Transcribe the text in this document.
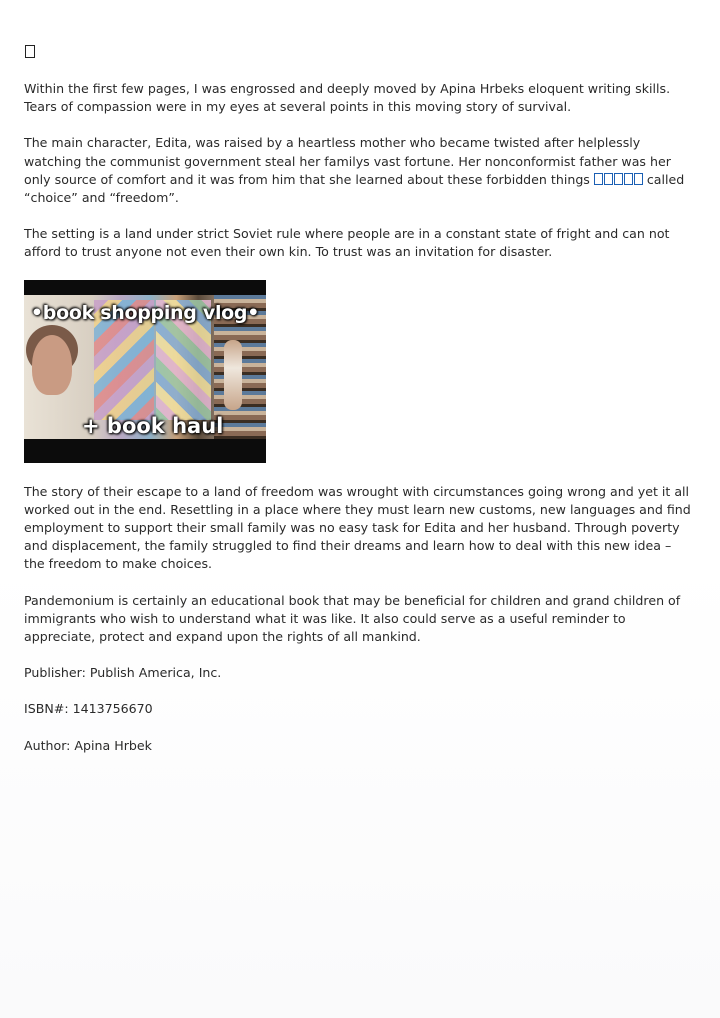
Within the first few pages, I was engrossed and deeply moved by Apina Hrbeks eloquent writing skills. Tears of compassion were in my eyes at several points in this moving story of survival.

The main character, Edita, was raised by a heartless mother who became twisted after helplessly watching the communist government steal her familys vast fortune. Her nonconformist father was her only source of comfort and it was from him that she learned about these forbidden things	called “choice” and “freedom”.

The setting is a land under strict Soviet rule where people are in a constant state of fright and can not afford to trust anyone not even their own kin. To trust was an invitation for disaster.

•book shopping vlog•
+ book haul

The story of their escape to a land of freedom was wrought with circumstances going wrong and yet it all worked out in the end. Resettling in a place where they must learn new customs, new languages and find employment to support their small family was no easy task for Edita and her husband. Through poverty and displacement, the family struggled to find their dreams and learn how to deal with this new idea – the freedom to make choices.

Pandemonium is certainly an educational book that may be beneficial for children and grand children of immigrants who wish to understand what it was like. It also could serve as a useful reminder to appreciate, protect and expand upon the rights of all mankind.

Publisher: Publish America, Inc.

ISBN#: 1413756670

Author: Apina Hrbek
